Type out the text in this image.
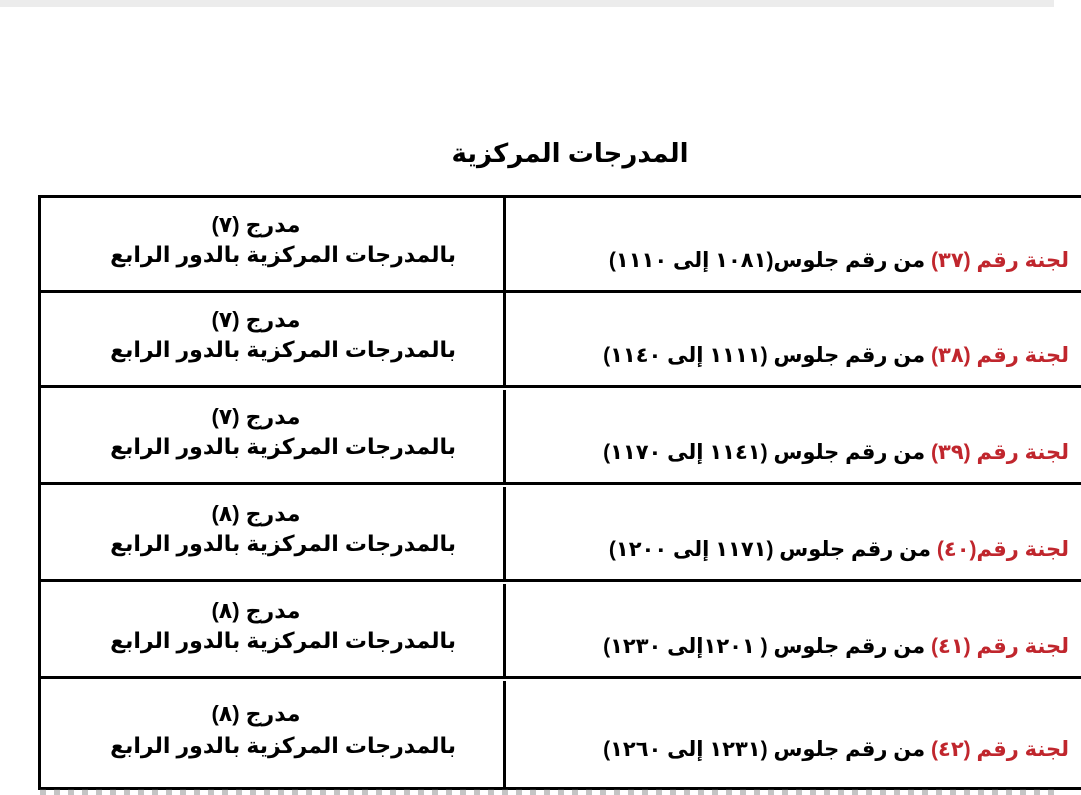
المدرجات المركزية
مدرج (٧)
بالمدرجات المركزية بالدور الرابع	لجنة رقم (٣٧) من رقم جلوس(١٠٨١ إلى ١١١٠)
مدرج (٧)
بالمدرجات المركزية بالدور الرابع	لجنة رقم (٣٨) من رقم جلوس (١١١١ إلى ١١٤٠)
مدرج (٧)
بالمدرجات المركزية بالدور الرابع	لجنة رقم (٣٩) من رقم جلوس (١١٤١ إلى ١١٧٠)
مدرج (٨)
بالمدرجات المركزية بالدور الرابع	لجنة رقم(٤٠) من رقم جلوس (١١٧١ إلى ١٢٠٠)
مدرج (٨)
بالمدرجات المركزية بالدور الرابع	لجنة رقم (٤١) من رقم جلوس ( ١٢٠١إلى ١٢٣٠)
مدرج (٨)
بالمدرجات المركزية بالدور الرابع	لجنة رقم (٤٢) من رقم جلوس (١٢٣١ إلى ١٢٦٠)
